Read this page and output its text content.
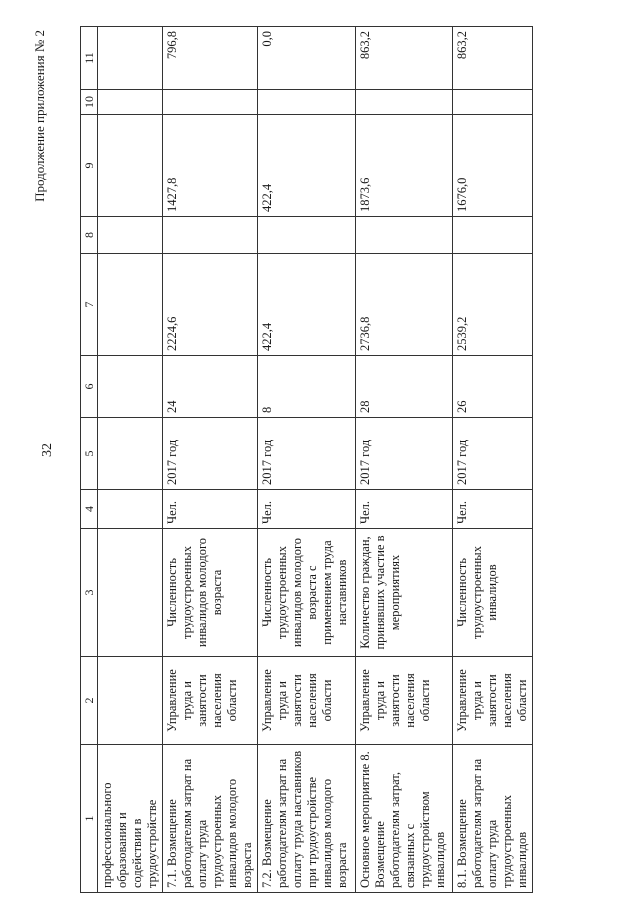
32
Продолжение приложения № 2
1	2	3	4	5	6	7	8	9	10	11
профессионального образования и содействии в трудоустройстве										
7.1. Возмещение работодателям затрат на оплату труда трудоустроенных инвалидов молодого возраста	Управление труда и занятости населения области	Численность трудоустроенных инвалидов молодого возраста	Чел.	2017 год	24	2224,6		1427,8		796,8
7.2. Возмещение работодателям затрат на оплату труда наставников при трудоустройстве инвалидов молодого возраста	Управление труда и занятости населения области	Численность трудоустроенных инвалидов молодого возраста с применением труда наставников	Чел.	2017 год	8	422,4		422,4		0,0
Основное мероприятие 8. Возмещение работодателям затрат, связанных с трудоустройством инвалидов	Управление труда и занятости населения области	Количество граждан, принявших участие в мероприятиях	Чел.	2017 год	28	2736,8		1873,6		863,2
8.1. Возмещение работодателям затрат на оплату труда трудоустроенных инвалидов	Управление труда и занятости населения области	Численность трудоустроенных инвалидов	Чел.	2017 год	26	2539,2		1676,0		863,2
